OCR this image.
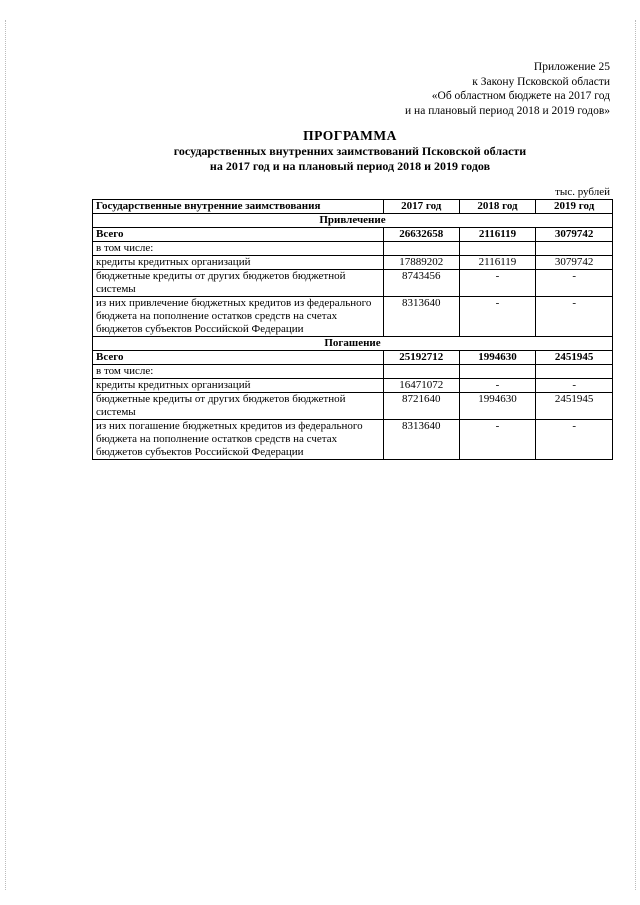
Приложение 25
к Закону Псковской области
«Об областном бюджете на 2017 год
и на плановый период 2018 и 2019 годов»
ПРОГРАММА
государственных внутренних заимствований Псковской области
на 2017 год и на плановый период 2018 и 2019 годов
тыс. рублей
Государственные внутренние заимствования	2017 год	2018 год	2019 год
Привлечение			
Всего	26632658	2116119	3079742
в том числе:			
кредиты кредитных организаций	17889202	2116119	3079742
бюджетные кредиты от других бюджетов бюджетной системы	8743456	-	-
из них привлечение бюджетных кредитов из федерального бюджета на пополнение остатков средств на счетах бюджетов субъектов Российской Федерации	8313640	-	-
Погашение			
Всего	25192712	1994630	2451945
в том числе:			
кредиты кредитных организаций	16471072	-	-
бюджетные кредиты от других бюджетов бюджетной системы	8721640	1994630	2451945
из них погашение бюджетных кредитов из федерального бюджета на пополнение остатков средств на счетах бюджетов субъектов Российской Федерации	8313640	-	-
